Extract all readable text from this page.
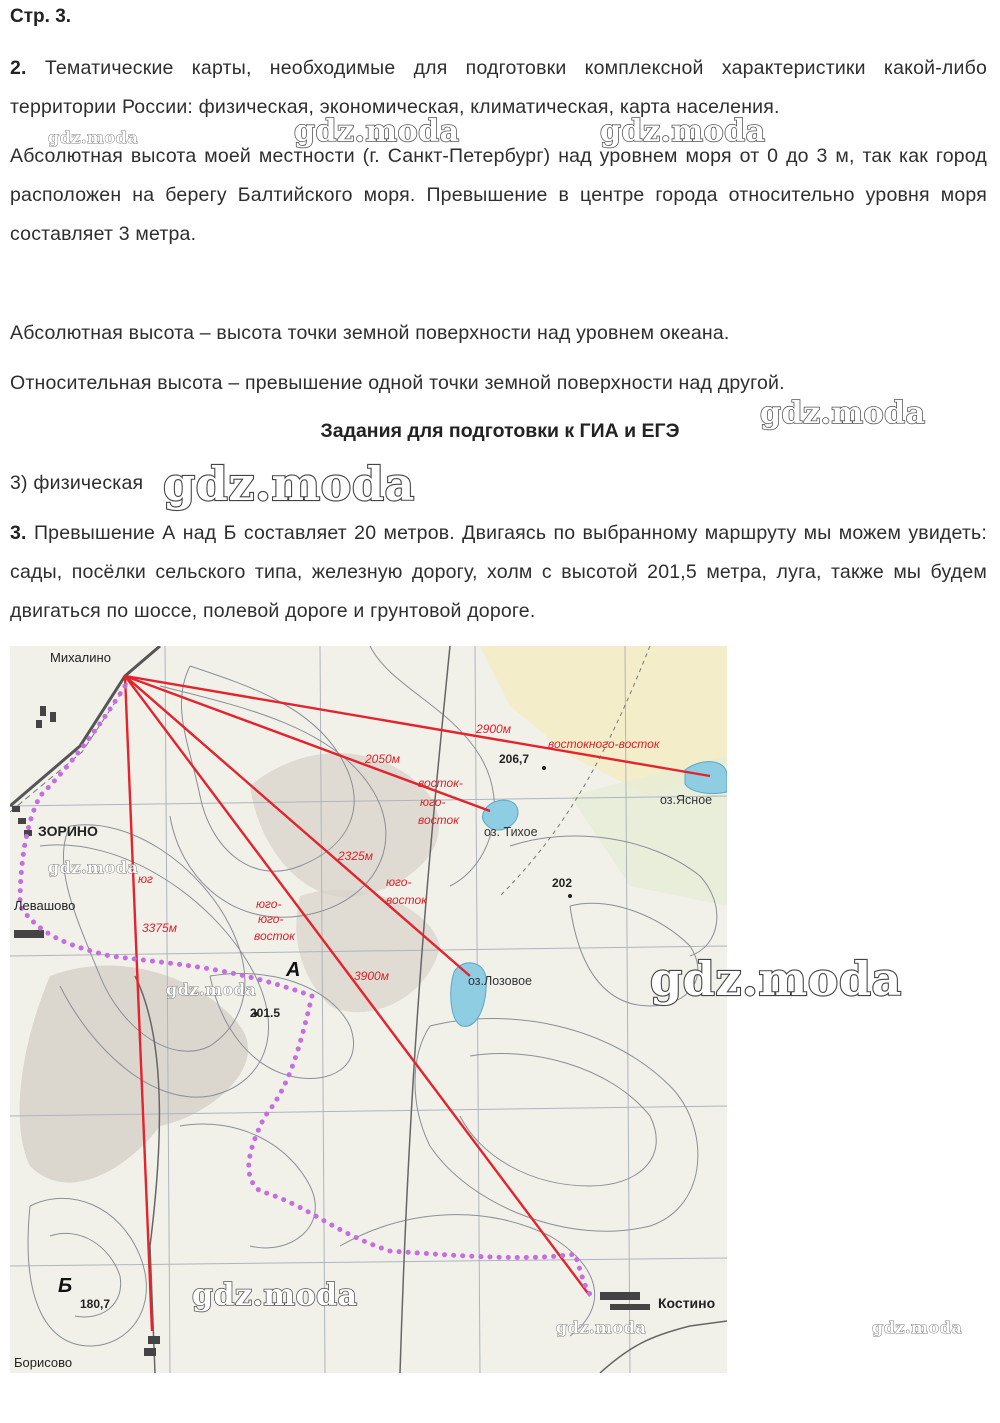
Стр. 3.
2. Тематические карты, необходимые для подготовки комплексной характеристики какой-либо территории России: физическая, экономическая, климатическая, карта населения.
Абсолютная высота моей местности (г. Санкт-Петербург) над уровнем моря от 0 до 3 м, так как город расположен на берегу Балтийского моря. Превышение в центре города относительно уровня моря составляет 3 метра.
Абсолютная высота – высота точки земной поверхности над уровнем океана.
Относительная высота – превышение одной точки земной поверхности над другой.
Задания для подготовки к ГИА и ЕГЭ
3) физическая
3. Превышение А над Б составляет 20 метров. Двигаясь по выбранному маршруту мы можем увидеть: сады, посёлки сельского типа, железную дорогу, холм с высотой 201,5 метра, луга, также мы будем двигаться по шоссе, полевой дороге и грунтовой дороге.
gdz.moda	gdz.moda	gdz.moda
gdz.moda
gdz.moda
Михалино
ЗОРИНО
Левашово
Борисово
Костино
оз.Ясное
оз. Тихое
оз.Лозовое
206,7
202
201.5
180,7
А
Б
2900м
востокного-восток
2050м
восток-
юго-
восток
2325м
юго-
восток
3375м
юг
юго-
юго-
восток
3900м
gdz.moda
gdz.moda	gdz.moda
gdz.moda
gdz.moda	gdz.moda
